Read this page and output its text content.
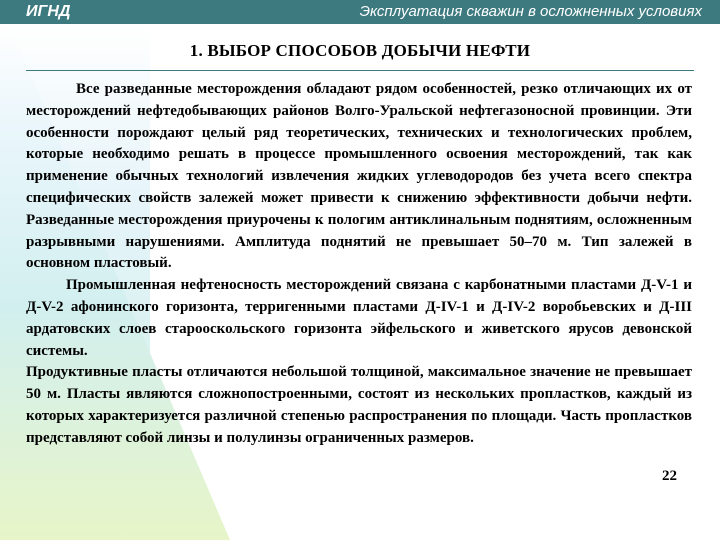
ИГНД	Эксплуатация скважин в осложненных условиях
1. ВЫБОР СПОСОБОВ ДОБЫЧИ НЕФТИ

Все разведанные месторождения обладают рядом особенностей, резко отличающих их от месторождений нефтедобывающих районов Волго-Уральской нефтегазоносной провинции. Эти особенности порождают целый ряд теоретических, технических и технологических проблем, которые необходимо решать в процессе промышленного освоения месторождений, так как применение обычных технологий извлечения жидких углеводородов без учета всего спектра специфических свойств залежей может привести к снижению эффективности добычи нефти. Разведанные месторождения приурочены к пологим антиклинальным поднятиям, осложненным разрывными нарушениями. Амплитуда поднятий не превышает 50–70 м. Тип залежей в основном пластовый.

Промышленная нефтеносность месторождений связана с карбонатными пластами Д-V-1 и Д-V-2 афонинского горизонта, терригенными пластами Д-IV-1 и Д-IV-2 воробьевских и Д-III ардатовских слоев старооскольского горизонта эйфельского и живетского ярусов девонской системы.

Продуктивные пласты отличаются небольшой толщиной, максимальное значение не превышает 50 м. Пласты являются сложнопостроенными, состоят из нескольких пропластков, каждый из которых характеризуется различной степенью распространения по площади. Часть пропластков представляют собой линзы и полулинзы ограниченных размеров.

22
